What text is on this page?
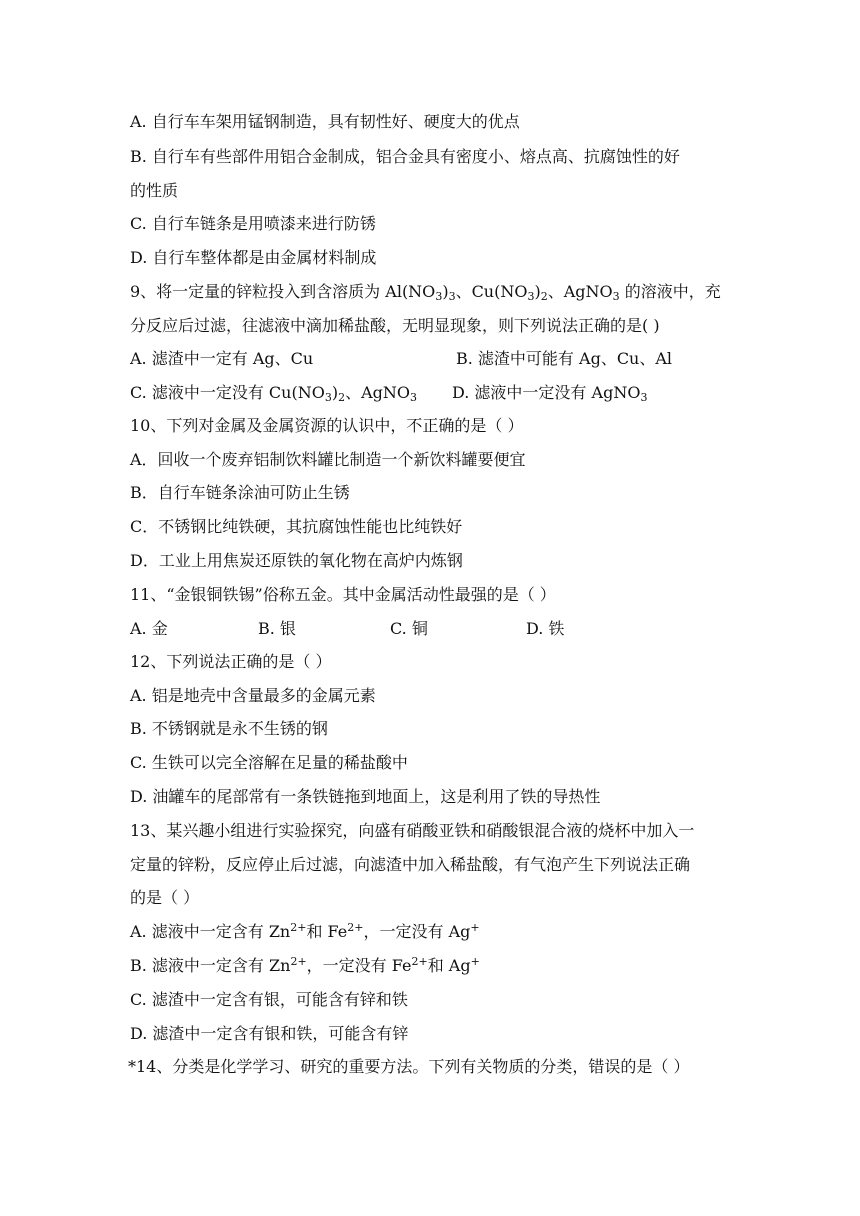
A. 自行车车架用锰钢制造，具有韧性好、硬度大的优点
B. 自行车有些部件用铝合金制成，铝合金具有密度小、熔点高、抗腐蚀性的好
的性质
C. 自行车链条是用喷漆来进行防锈
D. 自行车整体都是由金属材料制成
9、将一定量的锌粒投入到含溶质为 $Al(NO_3)_3$、$Cu(NO_3)_2$、AgNO$_3$ 的溶液中，充
分反应后过滤，往滤液中滴加稀盐酸，无明显现象，则下列说法正确的是( )
A. 滤渣中一定有 Ag、Cu	B. 滤渣中可能有 Ag、Cu、Al
C. 滤液中一定没有 $Cu(NO_3)_2$、AgNO$_3$ D. 滤液中一定没有 AgNO$_3$
10、下列对金属及金属资源的认识中，不正确的是（ ）
A．回收一个废弃铝制饮料罐比制造一个新饮料罐要便宜
B．自行车链条涂油可防止生锈
C．不锈钢比纯铁硬，其抗腐蚀性能也比纯铁好
D．工业上用焦炭还原铁的氧化物在高炉内炼钢
11、“金银铜铁锡”俗称五金。其中金属活动性最强的是（ ）
A. 金	B. 银	C. 铜	D. 铁
12、下列说法正确的是（ ）
A. 铝是地壳中含量最多的金属元素
B. 不锈钢就是永不生锈的钢
C. 生铁可以完全溶解在足量的稀盐酸中
D. 油罐车的尾部常有一条铁链拖到地面上，这是利用了铁的导热性
13、某兴趣小组进行实验探究，向盛有硝酸亚铁和硝酸银混合液的烧杯中加入一
定量的锌粉，反应停止后过滤，向滤渣中加入稀盐酸，有气泡产生下列说法正确
的是（ ）
A. 滤液中一定含有 $Zn^{2+}$和 $Fe^{2+}$，一定没有 Ag+
B. 滤液中一定含有 $Zn^{2+}$，一定没有 $Fe^{2+}$和 Ag+
C. 滤渣中一定含有银，可能含有锌和铁
D. 滤渣中一定含有银和铁，可能含有锌
*14、分类是化学学习、研究的重要方法。下列有关物质的分类，错误的是（ ）
